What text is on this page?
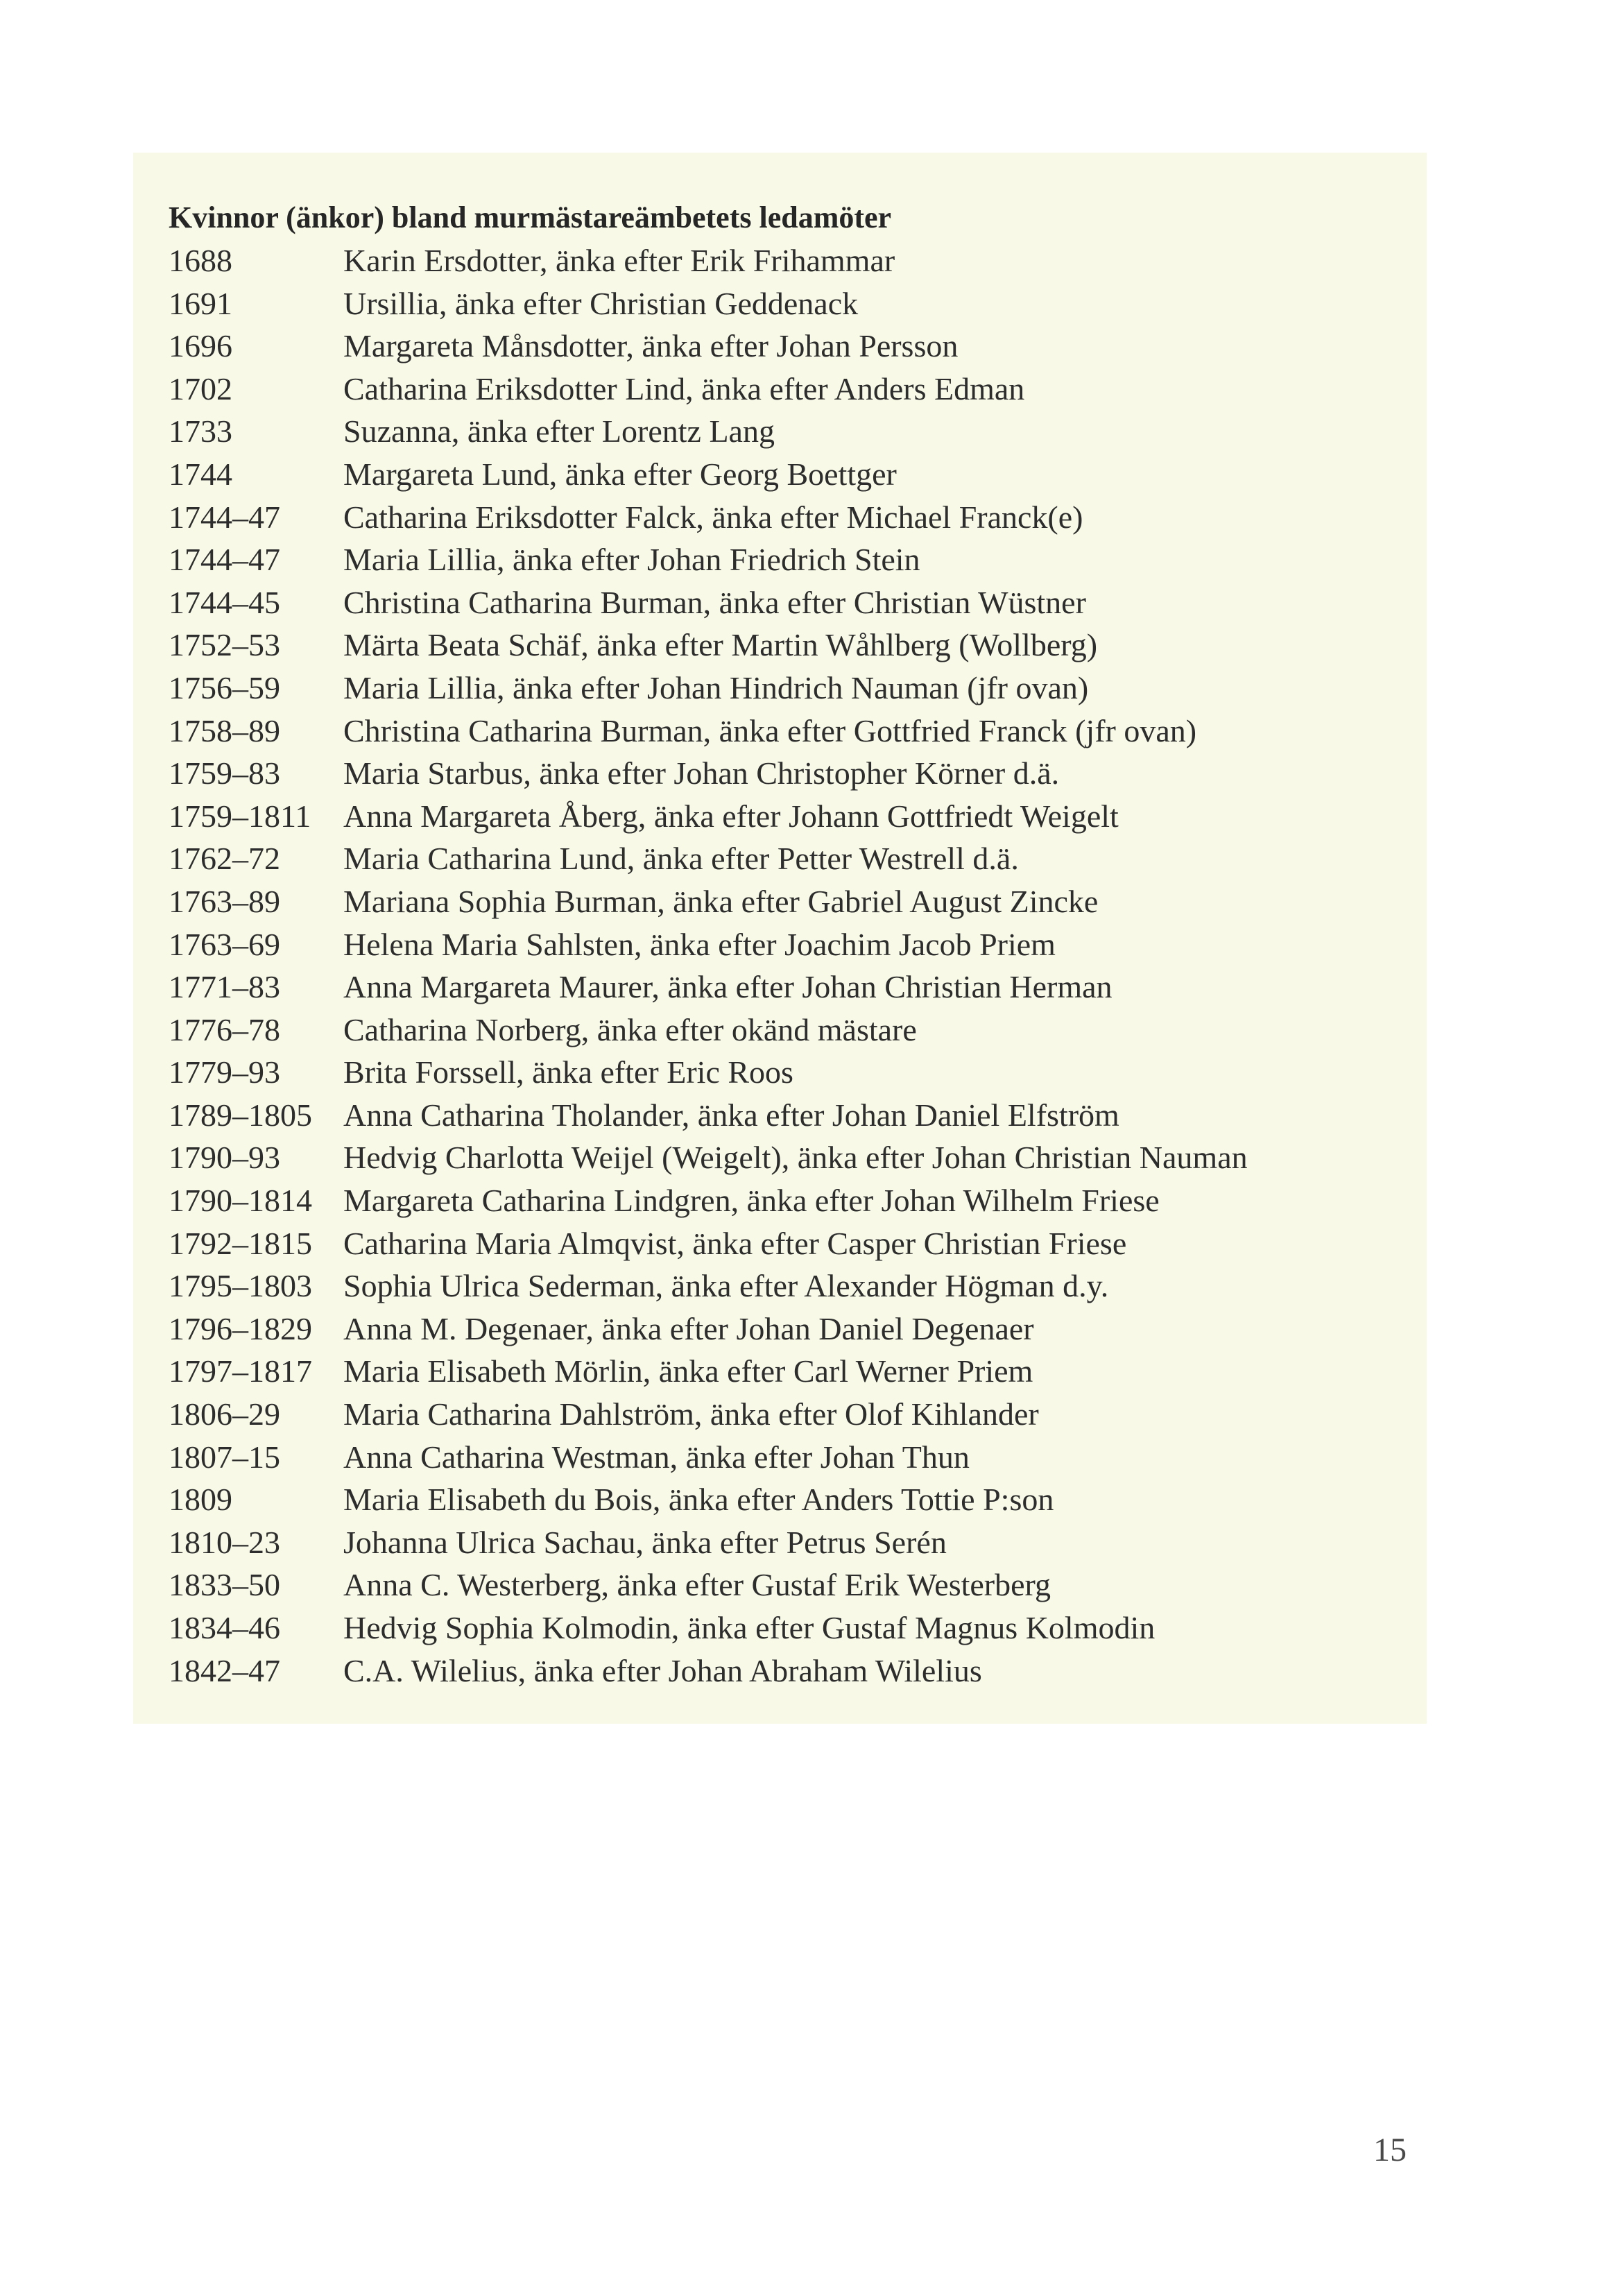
Kvinnor (änkor) bland murmästareämbetets ledamöter
1688	Karin Ersdotter, änka efter Erik Frihammar
1691	Ursillia, änka efter Christian Geddenack
1696	Margareta Månsdotter, änka efter Johan Persson
1702	Catharina Eriksdotter Lind, änka efter Anders Edman
1733	Suzanna, änka efter Lorentz Lang
1744	Margareta Lund, änka efter Georg Boettger
1744–47	Catharina Eriksdotter Falck, änka efter Michael Franck(e)
1744–47	Maria Lillia, änka efter Johan Friedrich Stein
1744–45	Christina Catharina Burman, änka efter Christian Wüstner
1752–53	Märta Beata Schäf, änka efter Martin Wåhlberg (Wollberg)
1756–59	Maria Lillia, änka efter Johan Hindrich Nauman (jfr ovan)
1758–89	Christina Catharina Burman, änka efter Gottfried Franck (jfr ovan)
1759–83	Maria Starbus, änka efter Johan Christopher Körner d.ä.
1759–1811	Anna Margareta Åberg, änka efter Johann Gottfriedt Weigelt
1762–72	Maria Catharina Lund, änka efter Petter Westrell d.ä.
1763–89	Mariana Sophia Burman, änka efter Gabriel August Zincke
1763–69	Helena Maria Sahlsten, änka efter Joachim Jacob Priem
1771–83	Anna Margareta Maurer, änka efter Johan Christian Herman
1776–78	Catharina Norberg, änka efter okänd mästare
1779–93	Brita Forssell, änka efter Eric Roos
1789–1805 Anna Catharina Tholander, änka efter Johan Daniel Elfström
1790–93	Hedvig Charlotta Weijel (Weigelt), änka efter Johan Christian Nauman
1790–1814 Margareta Catharina Lindgren, änka efter Johan Wilhelm Friese
1792–1815 Catharina Maria Almqvist, änka efter Casper Christian Friese
1795–1803 Sophia Ulrica Sederman, änka efter Alexander Högman d.y.
1796–1829 Anna M. Degenaer, änka efter Johan Daniel Degenaer
1797–1817 Maria Elisabeth Mörlin, änka efter Carl Werner Priem
1806–29	Maria Catharina Dahlström, änka efter Olof Kihlander
1807–15	Anna Catharina Westman, änka efter Johan Thun
1809	Maria Elisabeth du Bois, änka efter Anders Tottie P:son
1810–23	Johanna Ulrica Sachau, änka efter Petrus Serén
1833–50	Anna C. Westerberg, änka efter Gustaf Erik Westerberg
1834–46	Hedvig Sophia Kolmodin, änka efter Gustaf Magnus Kolmodin
1842–47	C.A. Wilelius, änka efter Johan Abraham Wilelius
15
